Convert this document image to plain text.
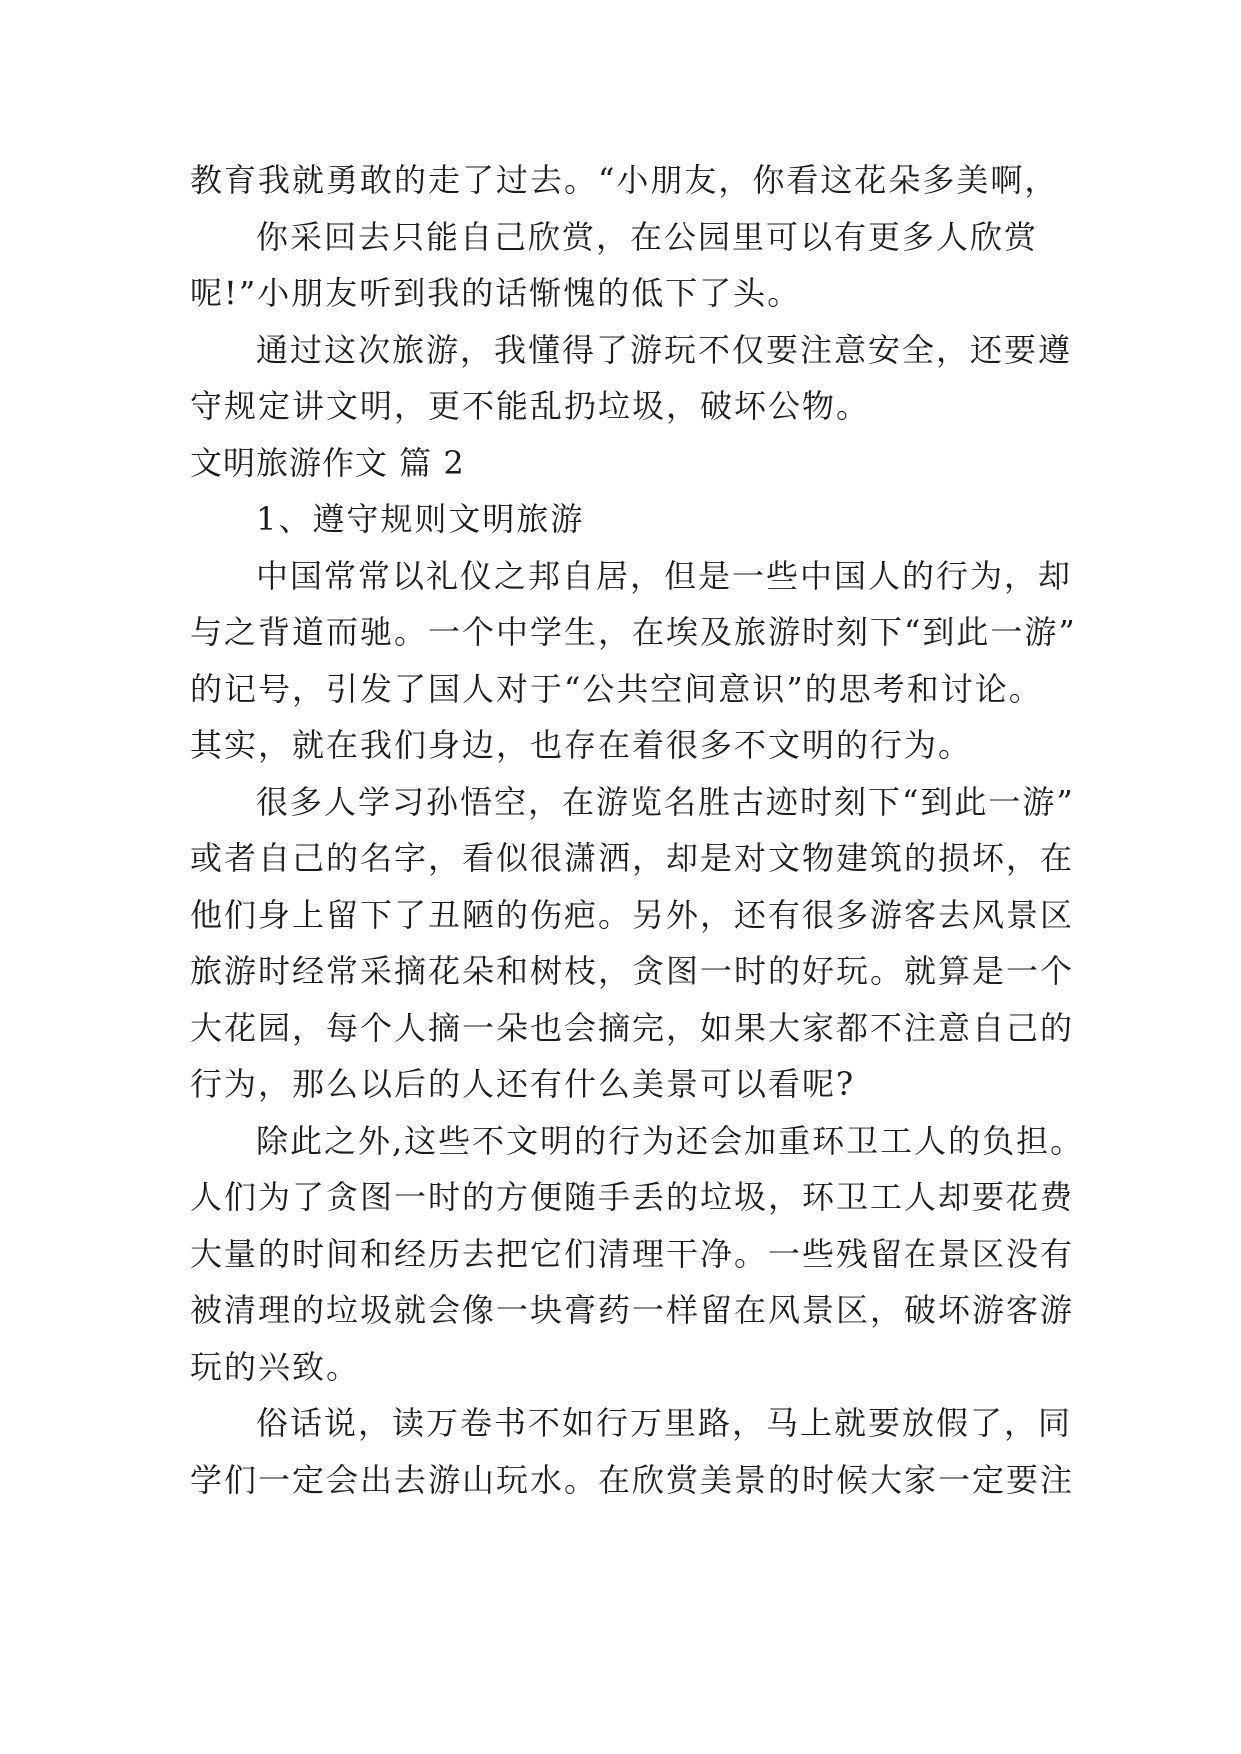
教育我就勇敢的走了过去。“小朋友，你看这花朵多美啊，
你采回去只能自己欣赏，在公园里可以有更多人欣赏
呢!”小朋友听到我的话惭愧的低下了头。
通过这次旅游，我懂得了游玩不仅要注意安全，还要遵
守规定讲文明，更不能乱扔垃圾，破坏公物。
文明旅游作文 篇 2
1、遵守规则文明旅游
中国常常以礼仪之邦自居，但是一些中国人的行为，却
与之背道而驰。一个中学生，在埃及旅游时刻下“到此一游”
的记号，引发了国人对于“公共空间意识”的思考和讨论。
其实，就在我们身边，也存在着很多不文明的行为。
很多人学习孙悟空，在游览名胜古迹时刻下“到此一游”
或者自己的名字，看似很潇洒，却是对文物建筑的损坏，在
他们身上留下了丑陋的伤疤。另外，还有很多游客去风景区
旅游时经常采摘花朵和树枝，贪图一时的好玩。就算是一个
大花园，每个人摘一朵也会摘完，如果大家都不注意自己的
行为，那么以后的人还有什么美景可以看呢?
除此之外,这些不文明的行为还会加重环卫工人的负担。
人们为了贪图一时的方便随手丢的垃圾，环卫工人却要花费
大量的时间和经历去把它们清理干净。一些残留在景区没有
被清理的垃圾就会像一块膏药一样留在风景区，破坏游客游
玩的兴致。
俗话说，读万卷书不如行万里路，马上就要放假了，同
学们一定会出去游山玩水。在欣赏美景的时候大家一定要注
